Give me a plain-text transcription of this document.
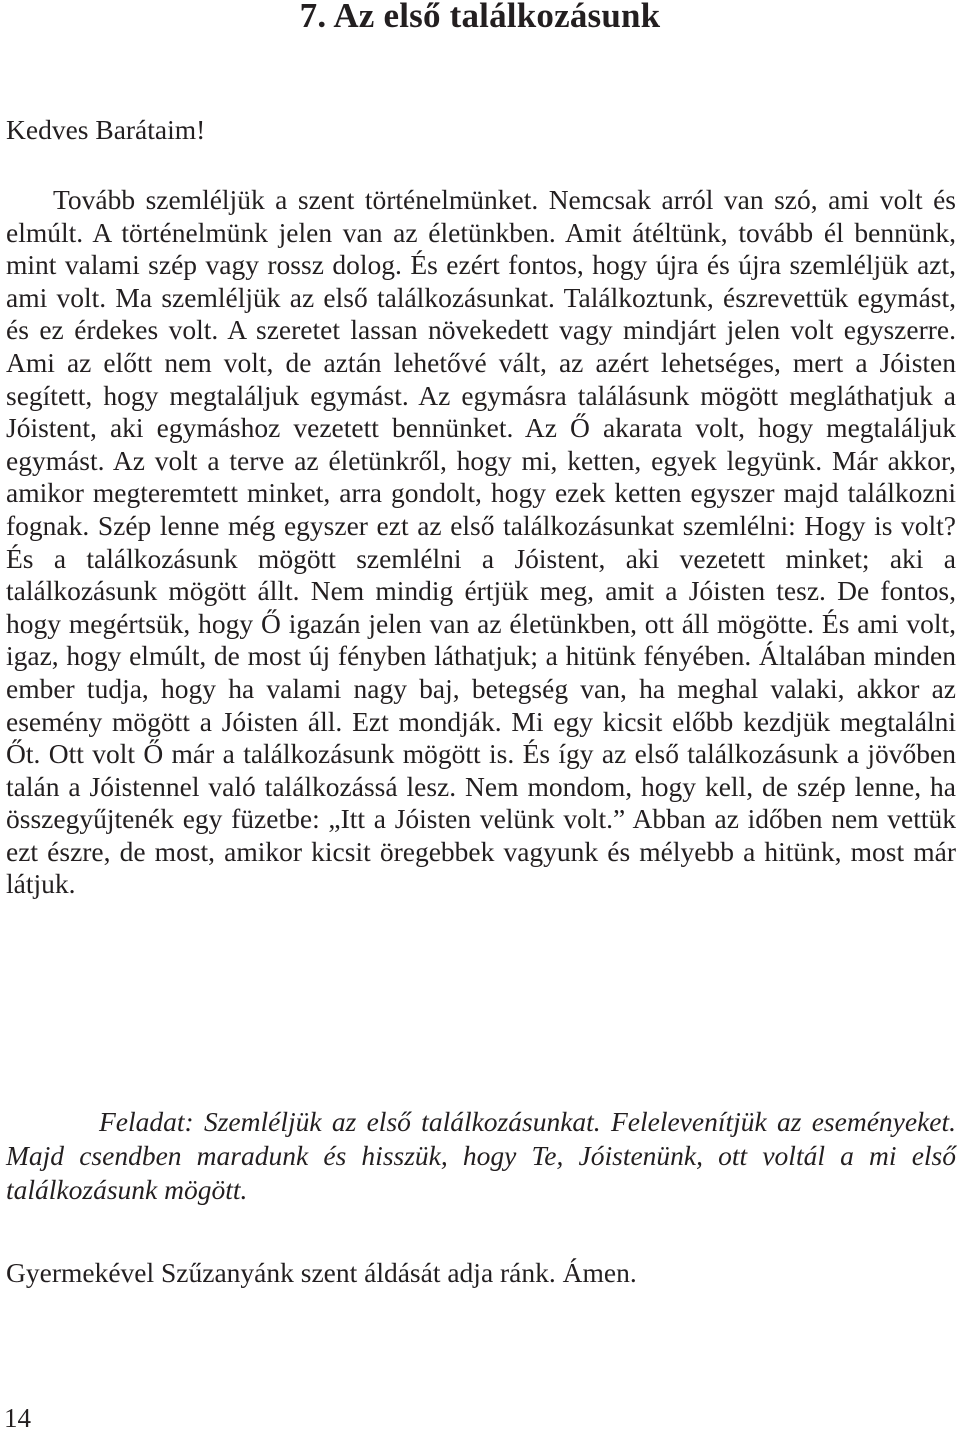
7. Az első találkozásunk

Kedves Barátaim!

Tovább szemléljük a szent történelmünket. Nemcsak arról van szó, ami volt és elmúlt. A történelmünk jelen van az életünkben. Amit átéltünk, tovább él bennünk, mint valami szép vagy rossz dolog. És ezért fontos, hogy újra és újra szemléljük azt, ami volt. Ma szemléljük az első találkozásunkat. Találkoztunk, észrevettük egymást, és ez érdekes volt. A szeretet lassan növekedett vagy mindjárt jelen volt egyszerre. Ami az előtt nem volt, de aztán lehetővé vált, az azért lehetséges, mert a Jóisten segített, hogy megtaláljuk egymást. Az egymásra találásunk mögött megláthatjuk a Jóistent, aki egymáshoz vezetett bennünket. Az Ő akarata volt, hogy megtaláljuk egymást. Az volt a terve az életünkről, hogy mi, ketten, egyek legyünk. Már akkor, amikor megteremtett minket, arra gondolt, hogy ezek ketten egyszer majd találkozni fognak. Szép lenne még egyszer ezt az első találkozásunkat szemlélni: Hogy is volt? És a találkozásunk mögött szemlélni a Jóistent, aki vezetett minket; aki a találkozásunk mögött állt. Nem mindig értjük meg, amit a Jóisten tesz. De fontos, hogy megértsük, hogy Ő igazán jelen van az életünkben, ott áll mögötte. És ami volt, igaz, hogy elmúlt, de most új fényben láthatjuk; a hitünk fényében. Általában minden ember tudja, hogy ha valami nagy baj, betegség van, ha meghal valaki, akkor az esemény mögött a Jóisten áll. Ezt mondják. Mi egy kicsit előbb kezdjük megtalálni Őt. Ott volt Ő már a találkozásunk mögött is. És így az első találkozásunk a jövőben talán a Jóistennel való találkozássá lesz. Nem mondom, hogy kell, de szép lenne, ha összegyűjtenék egy füzetbe: „Itt a Jóisten velünk volt.” Abban az időben nem vettük ezt észre, de most, amikor kicsit öregebbek vagyunk és mélyebb a hitünk, most már látjuk.

Feladat: Szemléljük az első találkozásunkat. Felelevenítjük az eseményeket. Majd csendben maradunk és hisszük, hogy Te, Jóistenünk, ott voltál a mi első találkozásunk mögött.

Gyermekével Szűzanyánk szent áldását adja ránk. Ámen.

14
